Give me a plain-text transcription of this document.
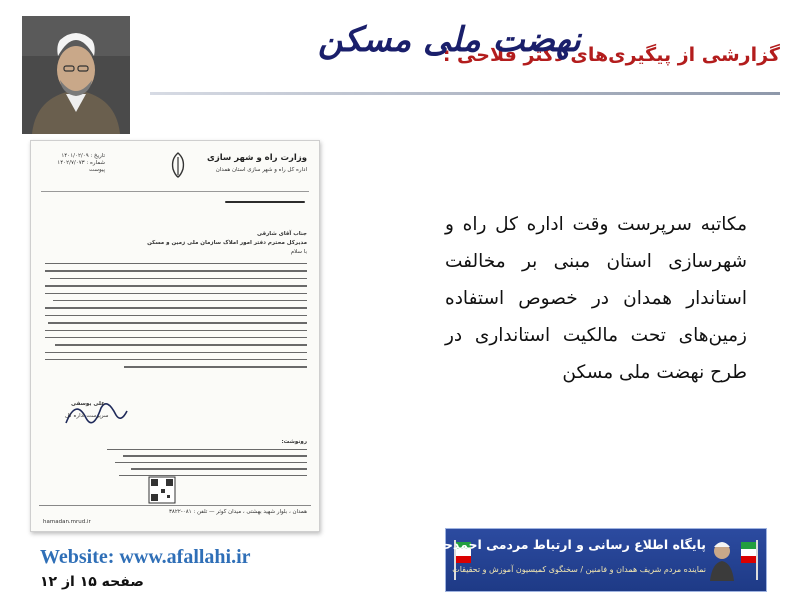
گزارشی از پیگیری‌های دکتر فلاحی :
نهضت ملی مسکن
وزارت راه و شهر سازی
اداره کل راه و شهر سازی استان همدان
تاریخ : ۱۴۰۱/۰۲/۰۹
شماره : ۱۴۰۲/۷/۰۷۳
پیوست
جناب آقای شارقی
مدیرکل محترم دفتر امور املاک سازمان ملی زمین و مسکن
با سلام
علی یوسفی
سرپرست اداره کل
رونوشت:
همدان ، بلوار شهید بهشتی ، میدان کوثر — تلفن : ۰۸۱-۳۸۲۲
hamadan.mrud.ir
مکاتبه سرپرست وقت اداره کل راه و شهرسازی استان مبنی بر مخالفت استاندار همدان در خصوص استفاده زمین‌های تحت مالکیت استانداری در طرح نهضت ملی مسکن
Website: www.afallahi.ir
صفحه ۱۵ از ۱۲
پایگاه اطلاع رسانی و ارتباط مردمی احمدحسین فلاحی
نماینده مردم شریف همدان و فامنین / سخنگوی کمیسیون آموزش و تحقیقات
